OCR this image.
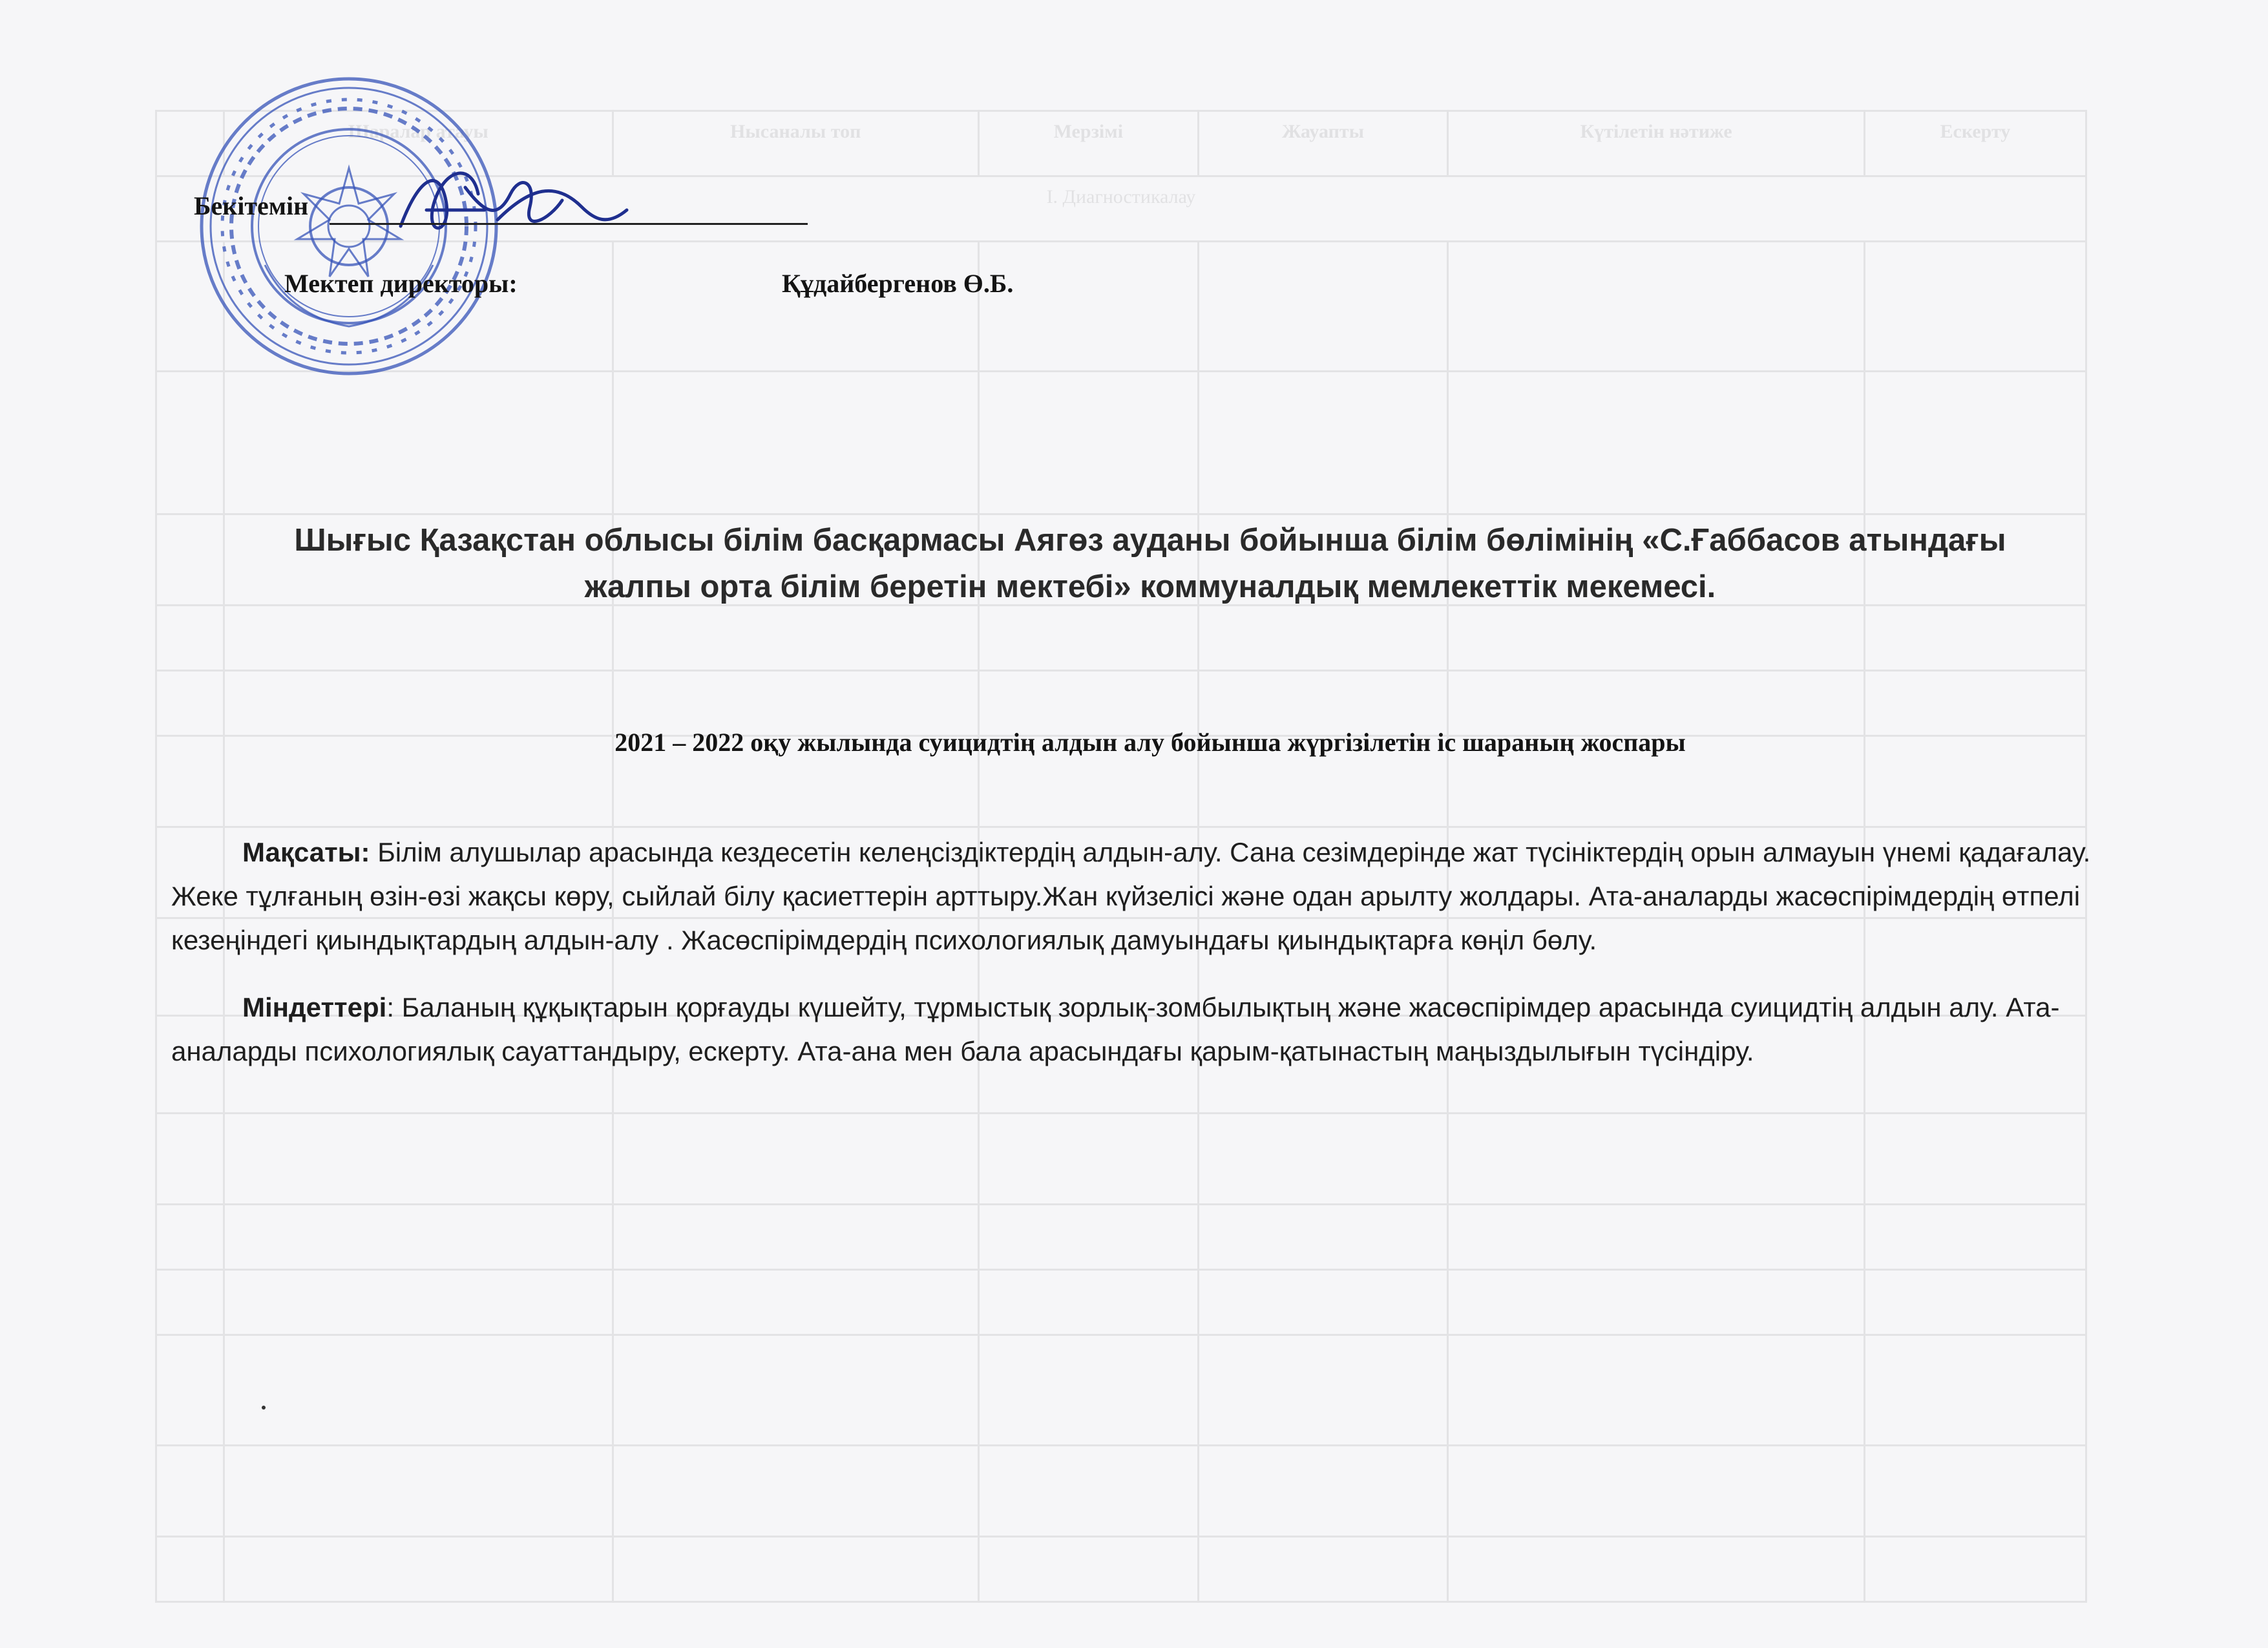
	Шаралар атауы	Нысаналы топ	Мерзімі	Жауапты	Күтілетін нәтиже	Ескерту
I. Диагностикалау						

Бекітемін
Мектеп директоры:	Құдайбергенов Ө.Б.
Шығыс Қазақстан облысы білім басқармасы Аягөз ауданы бойынша білім бөлімінің «С.Ғаббасов атындағы
жалпы орта білім беретін мектебі» коммуналдық мемлекеттік мекемесі.
2021 – 2022 оқу жылында суицидтің алдын алу бойынша жүргізілетін іс шараның жоспары
Мақсаты: Білім алушылар арасында кездесетін келеңсіздіктердің алдын-алу. Сана сезімдерінде жат түсініктердің орын алмауын үнемі қадағалау. Жеке тұлғаның өзін-өзі жақсы көру, сыйлай білу қасиеттерін арттыру.Жан күйзелісі және одан арылту жолдары. Ата-аналарды жасөспірімдердің өтпелі кезеңіндегі қиындықтардың алдын-алу . Жасөспірімдердің психологиялық дамуындағы қиындықтарға көңіл бөлу.
Міндеттері: Баланың құқықтарын қорғауды күшейту, тұрмыстық зорлық-зомбылықтың және жасөспірімдер арасында суицидтің алдын алу. Ата-аналарды психологиялық сауаттандыру, ескерту. Ата-ана мен бала арасындағы қарым-қатынастың маңыздылығын түсіндіру.
